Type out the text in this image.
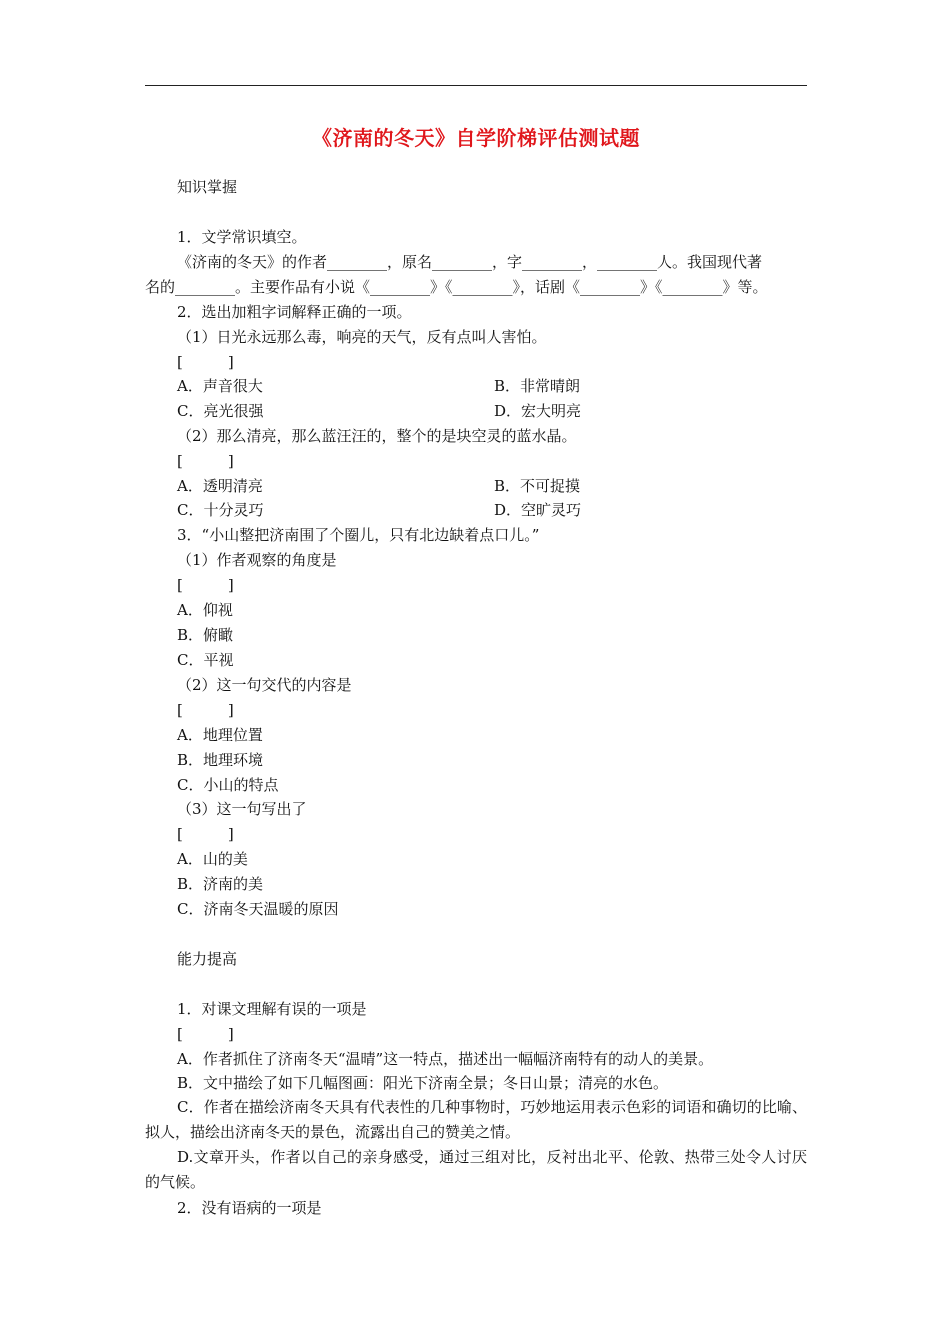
《济南的冬天》自学阶梯评估测试题
知识掌握
1．文学常识填空。
《济南的冬天》的作者________，原名________，字________，________人。我国现代著
名的________。主要作品有小说《________》《________》，话剧《________》《________》等。
2．选出加粗字词解释正确的一项。
（1）日光永远那么毒，响亮的天气，反有点叫人害怕。
[　　　]
A．声音很大	B．非常晴朗
C．亮光很强	D．宏大明亮
（2）那么清亮，那么蓝汪汪的，整个的是块空灵的蓝水晶。
[　　　]
A．透明清亮	B．不可捉摸
C．十分灵巧	D．空旷灵巧
3．“小山整把济南围了个圈儿，只有北边缺着点口儿。”
（1）作者观察的角度是
[　　　]
A．仰视
B．俯瞰
C．平视
（2）这一句交代的内容是
[　　　]
A．地理位置
B．地理环境
C．小山的特点
（3）这一句写出了
[　　　]
A．山的美
B．济南的美
C．济南冬天温暖的原因
能力提高
1．对课文理解有误的一项是
[　　　]
A．作者抓住了济南冬天“温晴”这一特点，描述出一幅幅济南特有的动人的美景。
B．文中描绘了如下几幅图画：阳光下济南全景；冬日山景；清亮的水色。
C．作者在描绘济南冬天具有代表性的几种事物时，巧妙地运用表示色彩的词语和确切的比喻、拟人，描绘出济南冬天的景色，流露出自己的赞美之情。
D.文章开头，作者以自己的亲身感受，通过三组对比，反衬出北平、伦敦、热带三处令人讨厌的气候。
2．没有语病的一项是
